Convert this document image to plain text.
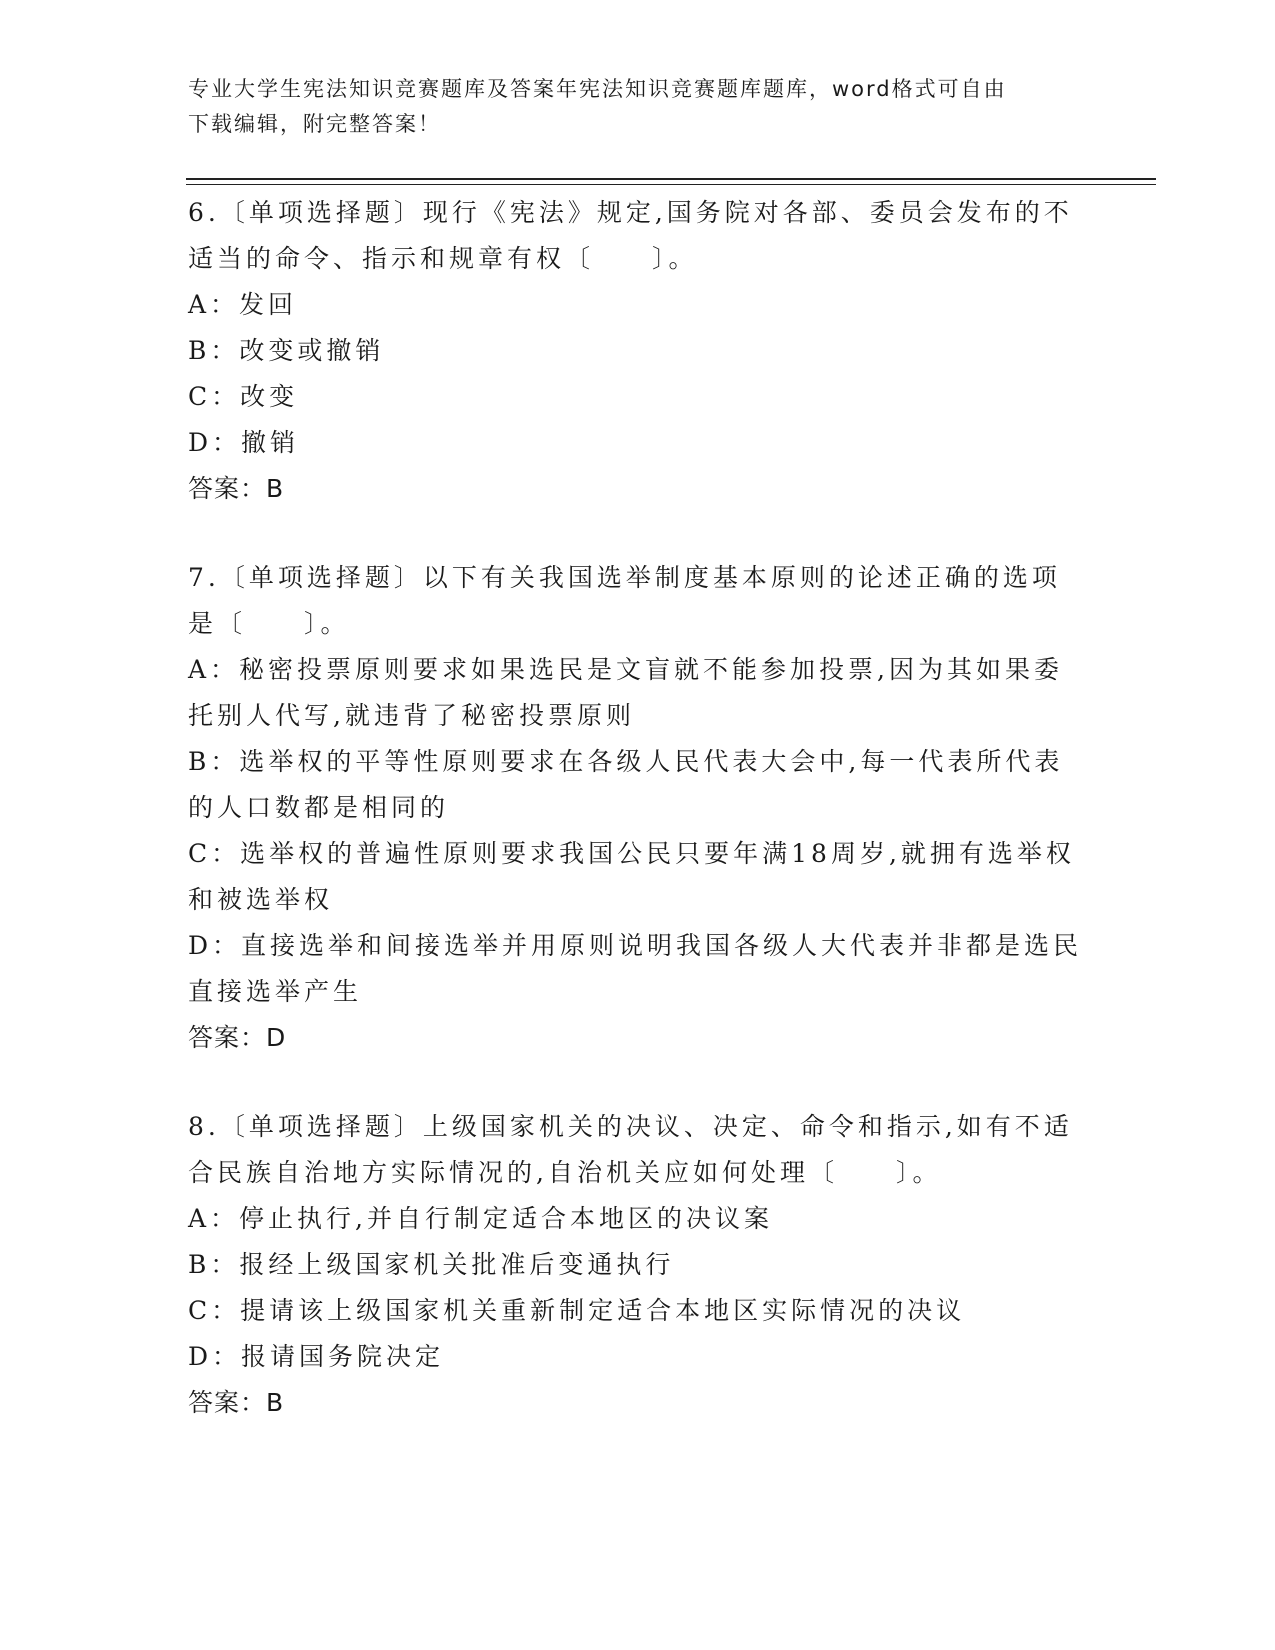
专业大学生宪法知识竞赛题库及答案年宪法知识竞赛题库题库，word格式可自由
下载编辑，附完整答案！
6.〔单项选择题〕现行《宪法》规定,国务院对各部、委员会发布的不适当的命令、指示和规章有权〔　　〕。
A：发回
B：改变或撤销
C：改变
D：撤销
答案：B
7.〔单项选择题〕以下有关我国选举制度基本原则的论述正确的选项是〔　　〕。
A：秘密投票原则要求如果选民是文盲就不能参加投票,因为其如果委托别人代写,就违背了秘密投票原则
B：选举权的平等性原则要求在各级人民代表大会中,每一代表所代表的人口数都是相同的
C：选举权的普遍性原则要求我国公民只要年满18周岁,就拥有选举权和被选举权
D：直接选举和间接选举并用原则说明我国各级人大代表并非都是选民直接选举产生
答案：D
8.〔单项选择题〕上级国家机关的决议、决定、命令和指示,如有不适合民族自治地方实际情况的,自治机关应如何处理〔　　〕。
A：停止执行,并自行制定适合本地区的决议案
B：报经上级国家机关批准后变通执行
C：提请该上级国家机关重新制定适合本地区实际情况的决议
D：报请国务院决定
答案：B
